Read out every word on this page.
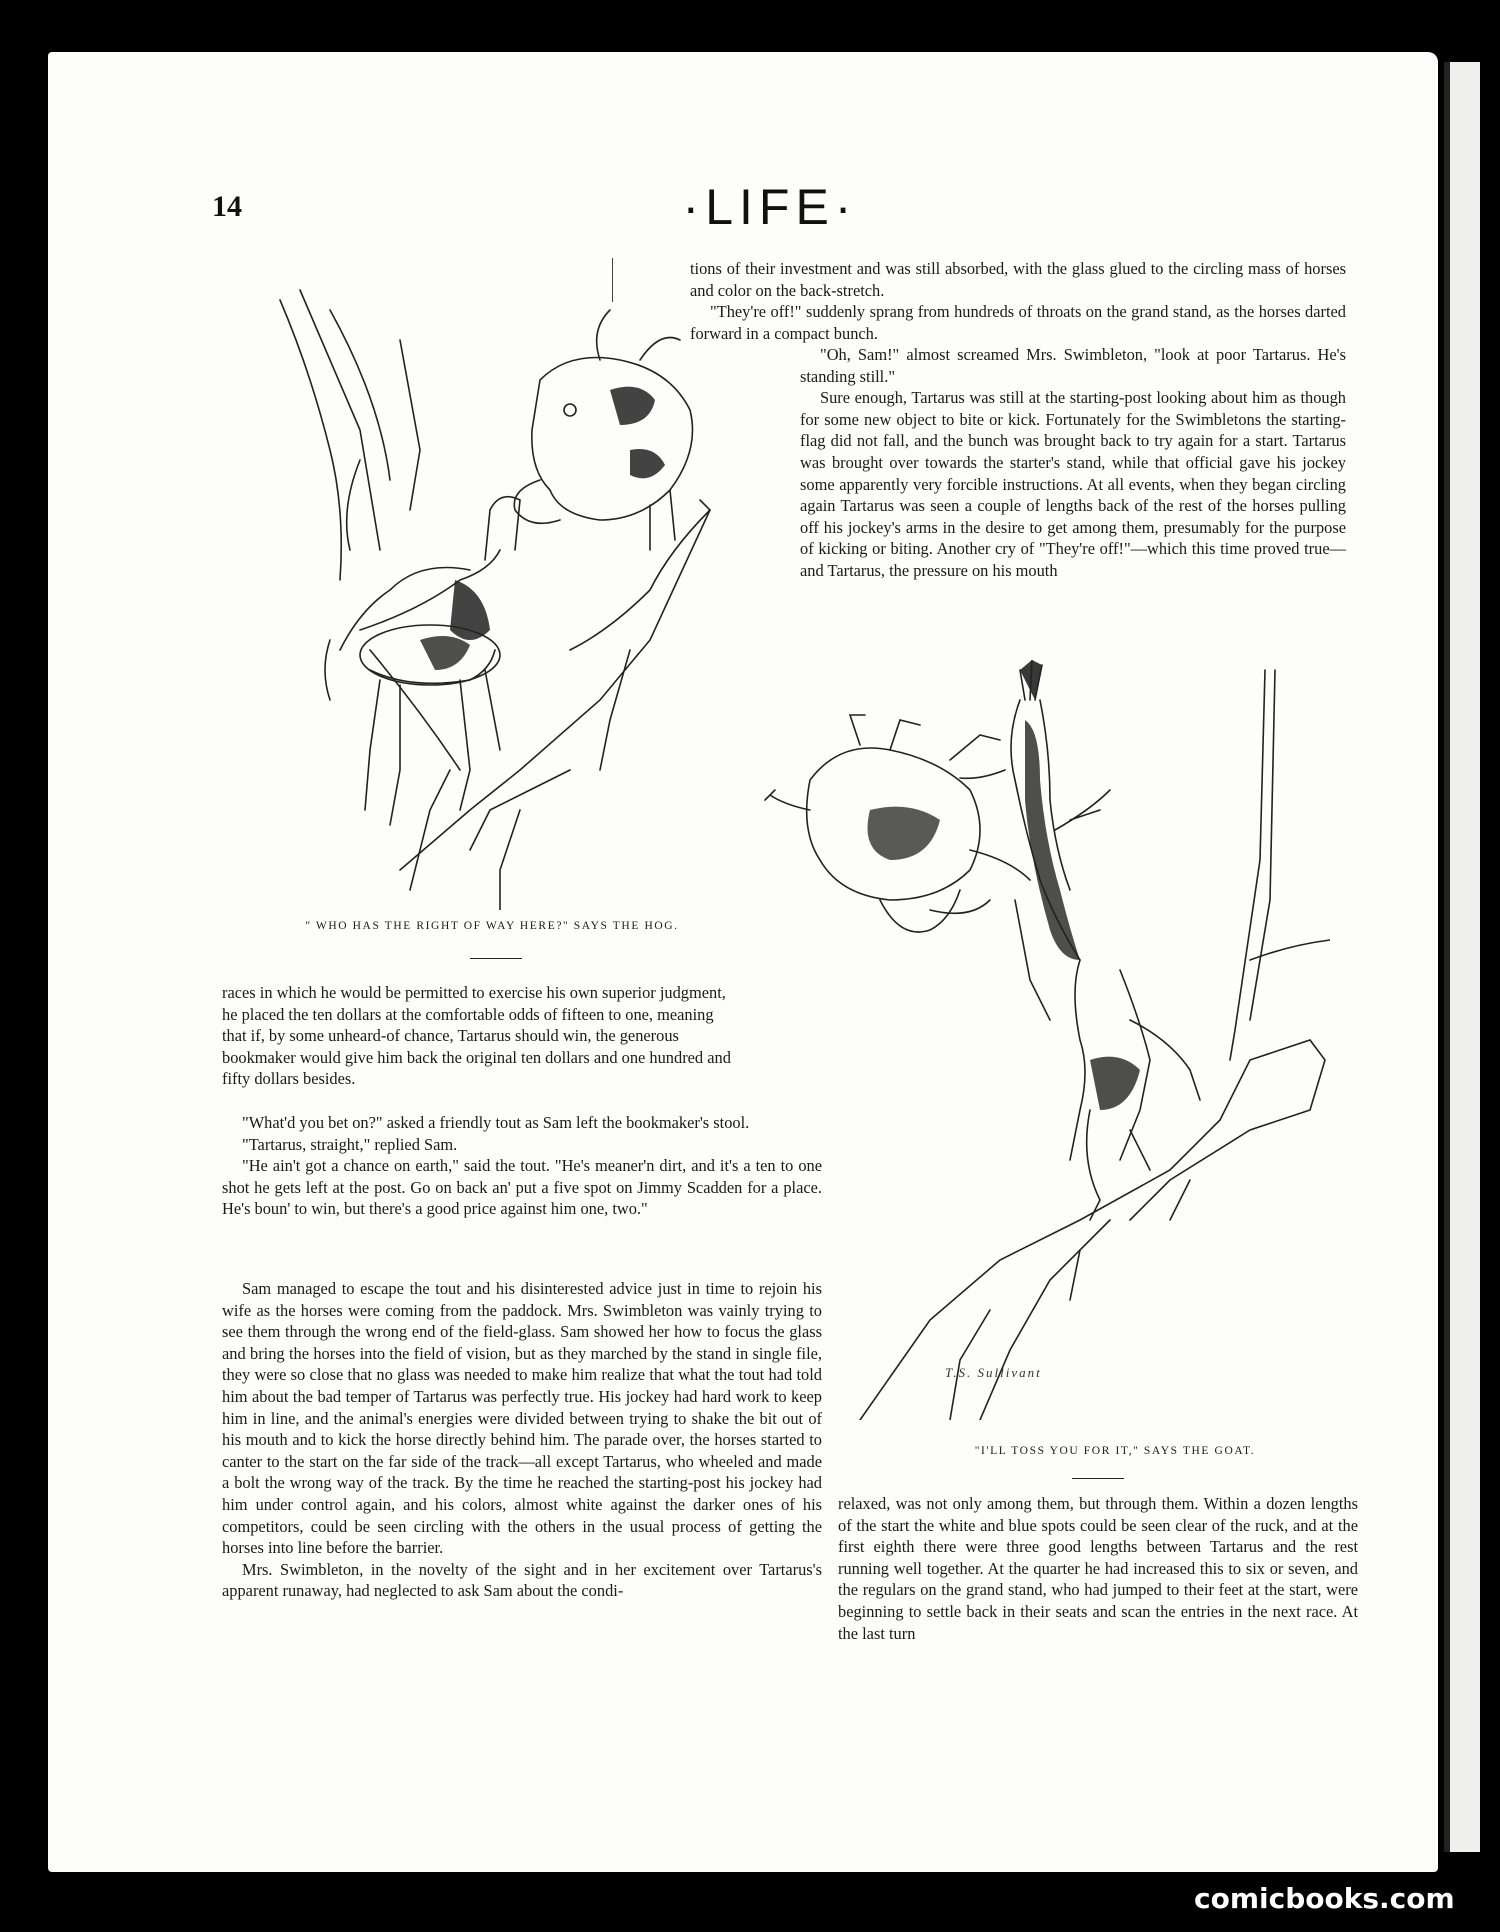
14	·LIFE·
" WHO HAS THE RIGHT OF WAY HERE?" SAYS THE HOG.

tions of their investment and was still absorbed, with the glass glued to the circling mass of horses and color on the back-stretch.

"They're off!" suddenly sprang from hundreds of throats on the grand stand, as the horses darted forward in a compact bunch.

"Oh, Sam!" almost screamed Mrs. Swimbleton, "look at poor Tartarus. He's standing still."

Sure enough, Tartarus was still at the starting-post looking about him as though for some new object to bite or kick. Fortunately for the Swimbletons the starting-flag did not fall, and the bunch was brought back to try again for a start. Tartarus was brought over towards the starter's stand, while that official gave his jockey some apparently very forcible instructions. At all events, when they began circling again Tartarus was seen a couple of lengths back of the rest of the horses pulling off his jockey's arms in the desire to get among them, presumably for the purpose of kicking or biting. Another cry of "They're off!"—which this time proved true—and Tartarus, the pressure on his mouth

T.S. Sullivant
"I'LL TOSS YOU FOR IT," SAYS THE GOAT.

races in which he would be permitted to exercise his own superior judgment, he placed the ten dollars at the comfortable odds of fifteen to one, meaning that if, by some unheard-of chance, Tartarus should win, the generous bookmaker would give him back the original ten dollars and one hundred and fifty dollars besides.

"What'd you bet on?" asked a friendly tout as Sam left the bookmaker's stool.

"Tartarus, straight," replied Sam.

"He ain't got a chance on earth," said the tout. "He's meaner'n dirt, and it's a ten to one shot he gets left at the post. Go on back an' put a five spot on Jimmy Scadden for a place. He's boun' to win, but there's a good price against him one, two."

Sam managed to escape the tout and his disinterested advice just in time to rejoin his wife as the horses were coming from the paddock. Mrs. Swimbleton was vainly trying to see them through the wrong end of the field-glass. Sam showed her how to focus the glass and bring the horses into the field of vision, but as they marched by the stand in single file, they were so close that no glass was needed to make him realize that what the tout had told him about the bad temper of Tartarus was perfectly true. His jockey had hard work to keep him in line, and the animal's energies were divided between trying to shake the bit out of his mouth and to kick the horse directly behind him. The parade over, the horses started to canter to the start on the far side of the track—all except Tartarus, who wheeled and made a bolt the wrong way of the track. By the time he reached the starting-post his jockey had him under control again, and his colors, almost white against the darker ones of his competitors, could be seen circling with the others in the usual process of getting the horses into line before the barrier.

Mrs. Swimbleton, in the novelty of the sight and in her excitement over Tartarus's apparent runaway, had neglected to ask Sam about the condi-

relaxed, was not only among them, but through them. Within a dozen lengths of the start the white and blue spots could be seen clear of the ruck, and at the first eighth there were three good lengths between Tartarus and the rest running well together. At the quarter he had increased this to six or seven, and the regulars on the grand stand, who had jumped to their feet at the start, were beginning to settle back in their seats and scan the entries in the next race. At the last turn

comicbooks.com
